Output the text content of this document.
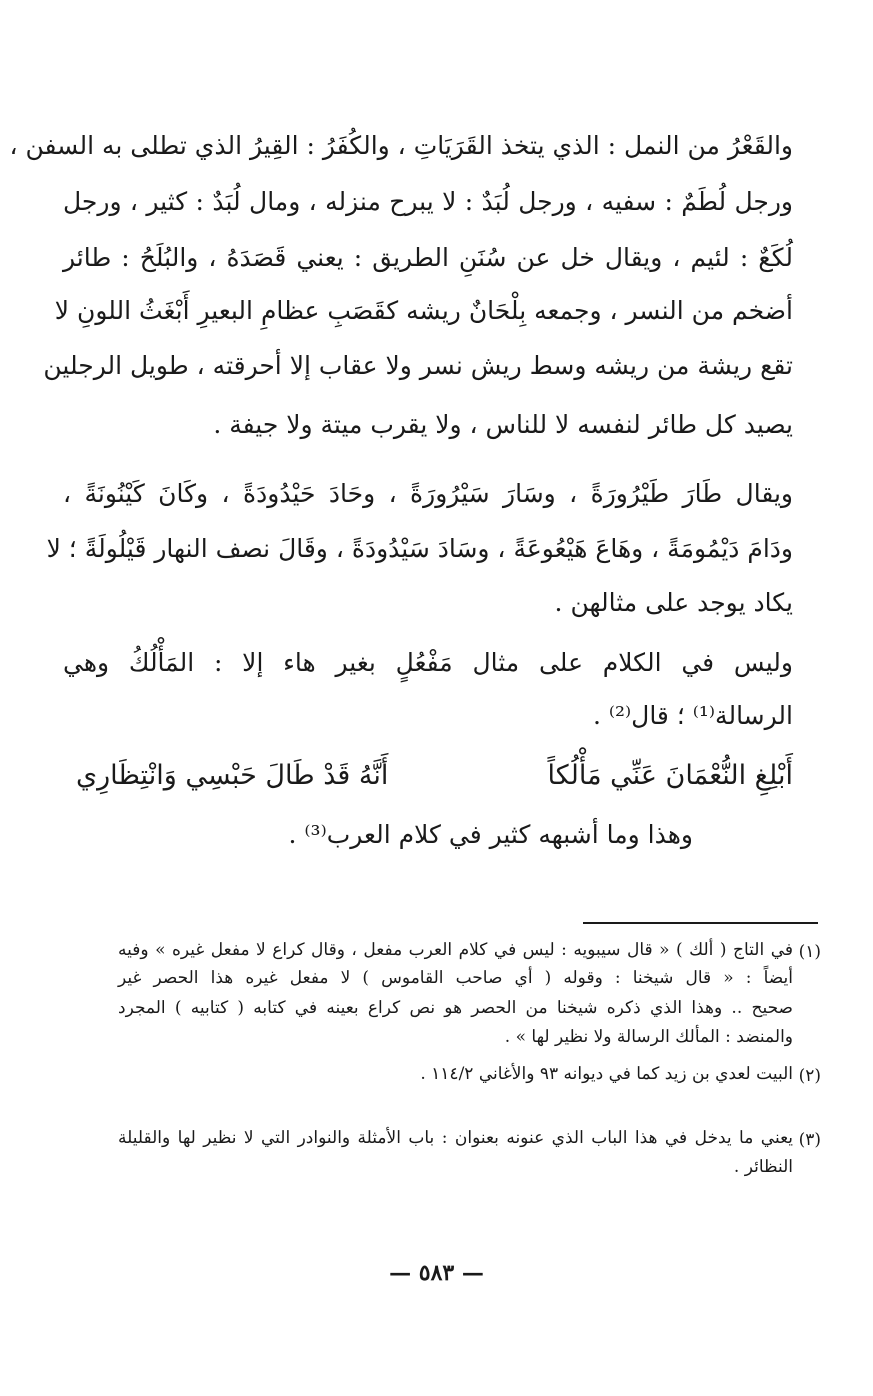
والقَعْرُ من النمل : الذي يتخذ القَرَيَاتِ ، والكُفَرُ : القِيرُ الذي تطلى به السفن ،
ورجل لُطَمٌ : سفيه ، ورجل لُبَدٌ : لا يبرح منزله ، ومال لُبَدٌ : كثير ، ورجل
لُكَعٌ : لئيم ، ويقال خل عن سُنَنِ الطريق : يعني قَصَدَهُ ، والبُلَحُ : طائر
أضخم من النسر ، وجمعه بِلْحَانٌ ريشه كقَصَبِ عظامِ البعيرِ أَبْغَثُ اللونِ لا
تقع ريشة من ريشه وسط ريش نسر ولا عقاب إلا أحرقته ، طويل الرجلين
يصيد كل طائر لنفسه لا للناس ، ولا يقرب ميتة ولا جيفة .
ويقال طَارَ طَيْرُورَةً ، وسَارَ سَيْرُورَةً ، وحَادَ حَيْدُودَةً ، وكَانَ كَيْنُونَةً ،
ودَامَ دَيْمُومَةً ، وهَاعَ هَيْعُوعَةً ، وسَادَ سَيْدُودَةً ، وقَالَ نصف النهار قَيْلُولَةً ؛ لا
يكاد يوجد على مثالهن .
وليس في الكلام على مثال مَفْعُلٍ بغير هاء إلا : المَأْلُكُ وهي
الرسالة⁽¹⁾ ؛ قال⁽²⁾ .
أَبْلِغِ النُّعْمَانَ عَنِّي مَأْلُكاً
أَنَّهُ قَدْ طَالَ حَبْسِي وَانْتِظَارِي
وهذا وما أشبهه كثير في كلام العرب⁽³⁾ .
(١)
في التاج ( ألك ) « قال سيبويه : ليس في كلام العرب مفعل ، وقال كراع لا مفعل غيره » وفيه
أيضاً : « قال شيخنا : وقوله ( أي صاحب القاموس ) لا مفعل غيره هذا الحصر غير
صحيح .. وهذا الذي ذكره شيخنا من الحصر هو نص كراع بعينه في كتابه ( كتابيه ) المجرد
والمنضد : المألك الرسالة ولا نظير لها » .
(٢)
البيت لعدي بن زيد كما في ديوانه ٩٣ والأغاني ١١٤/٢ .
(٣)
يعني ما يدخل في هذا الباب الذي عنونه بعنوان : باب الأمثلة والنوادر التي لا نظير لها والقليلة
النظائر .
— ٥٨٣ —
